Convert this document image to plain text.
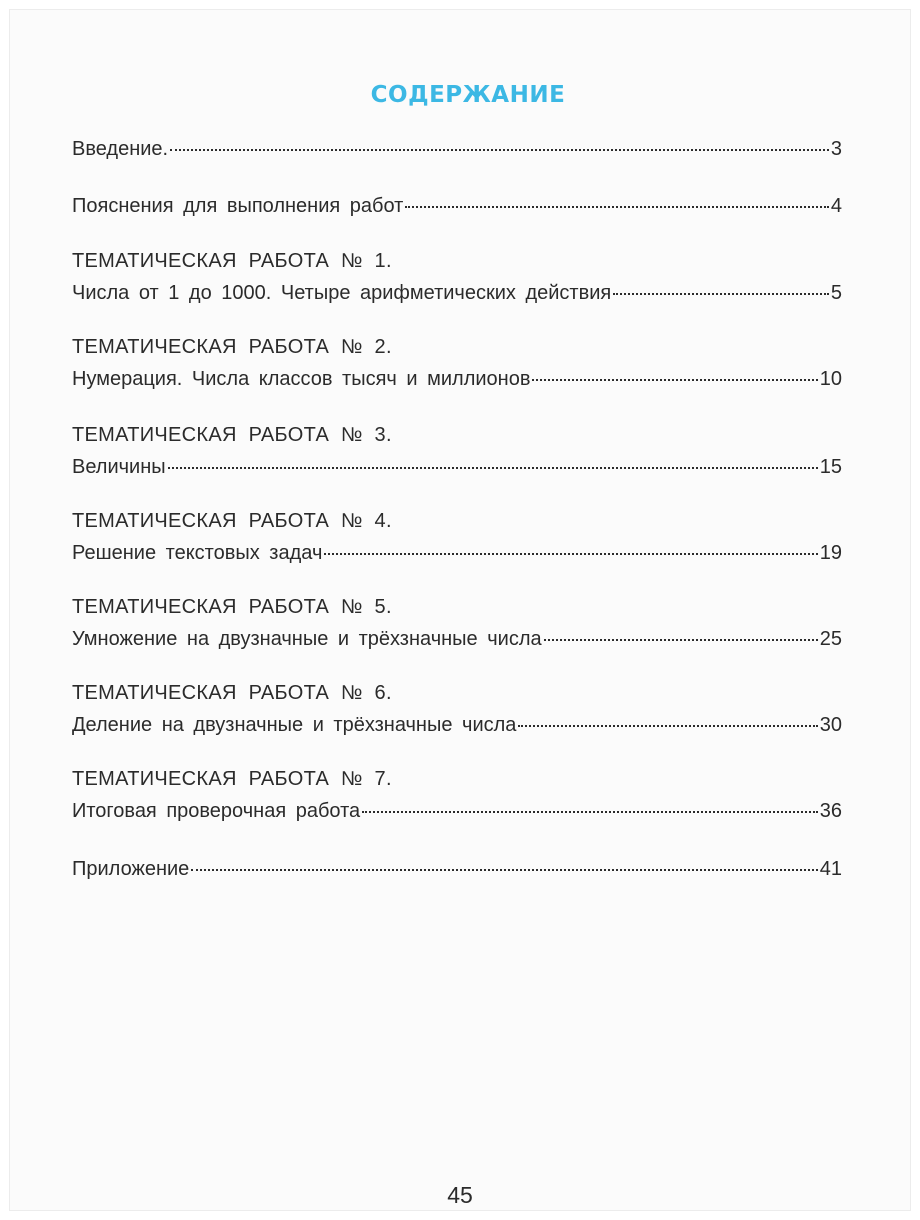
СОДЕРЖАНИЕ
Введение.	3
Пояснения для выполнения работ	4
ТЕМАТИЧЕСКАЯ РАБОТА № 1.
Числа от 1 до 1000. Четыре арифметических действия	5
ТЕМАТИЧЕСКАЯ РАБОТА № 2.
Нумерация. Числа классов тысяч и миллионов	10
ТЕМАТИЧЕСКАЯ РАБОТА № 3.
Величины	15
ТЕМАТИЧЕСКАЯ РАБОТА № 4.
Решение текстовых задач	19
ТЕМАТИЧЕСКАЯ РАБОТА № 5.
Умножение на двузначные и трёхзначные числа	25
ТЕМАТИЧЕСКАЯ РАБОТА № 6.
Деление на двузначные и трёхзначные числа	30
ТЕМАТИЧЕСКАЯ РАБОТА № 7.
Итоговая проверочная работа	36
Приложение	41
45
